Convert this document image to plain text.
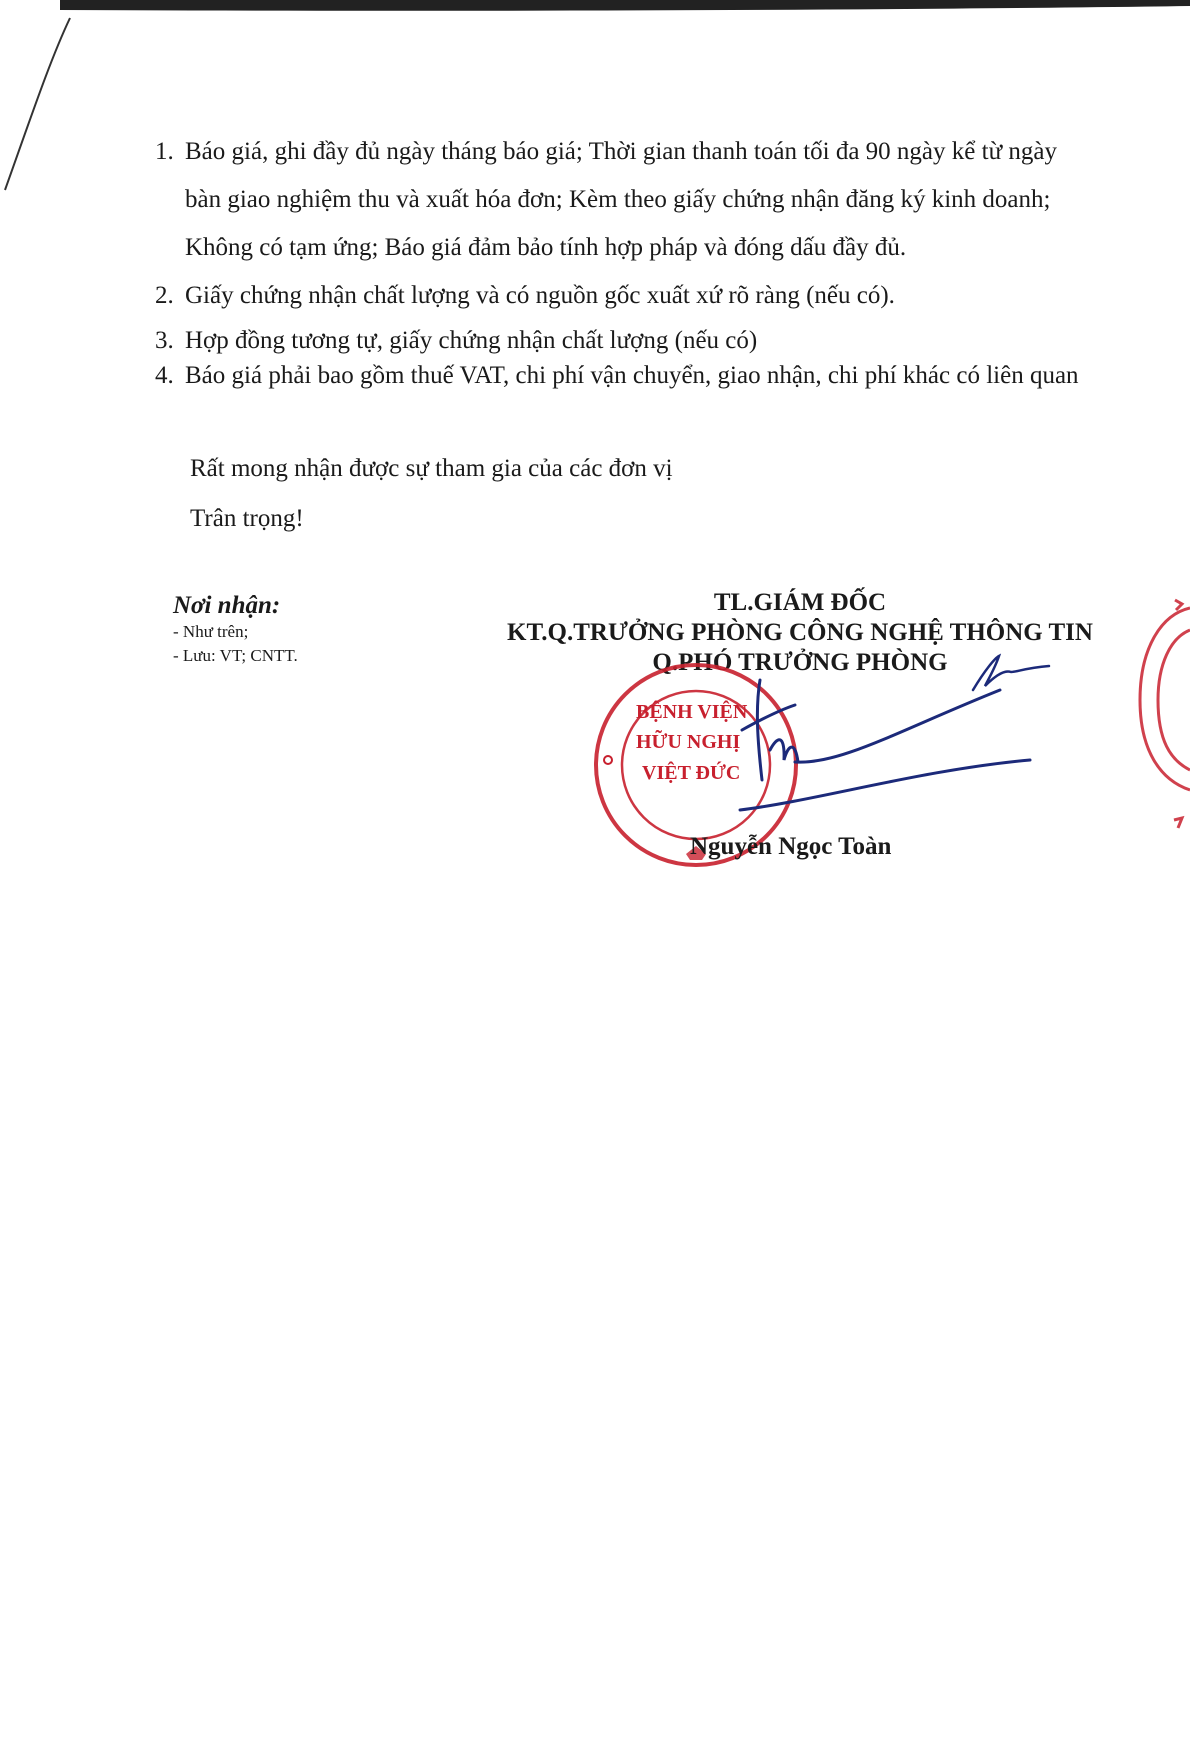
1. Báo giá, ghi đầy đủ ngày tháng báo giá; Thời gian thanh toán tối đa 90 ngày kể từ ngày bàn giao nghiệm thu và xuất hóa đơn; Kèm theo giấy chứng nhận đăng ký kinh doanh; Không có tạm ứng; Báo giá đảm bảo tính hợp pháp và đóng dấu đầy đủ.
2. Giấy chứng nhận chất lượng và có nguồn gốc xuất xứ rõ ràng (nếu có).
3. Hợp đồng tương tự, giấy chứng nhận chất lượng (nếu có)
4. Báo giá phải bao gồm thuế VAT, chi phí vận chuyển, giao nhận, chi phí khác có liên quan
Rất mong nhận được sự tham gia của các đơn vị
Trân trọng!
Nơi nhận:
- Như trên;
- Lưu: VT; CNTT.
TL.GIÁM ĐỐC
KT.Q.TRƯỞNG PHÒNG CÔNG NGHỆ THÔNG TIN
Q.PHÓ TRƯỞNG PHÒNG
BỆNH VIỆN
HỮU NGHỊ
VIỆT ĐỨC
Nguyễn Ngọc Toàn
